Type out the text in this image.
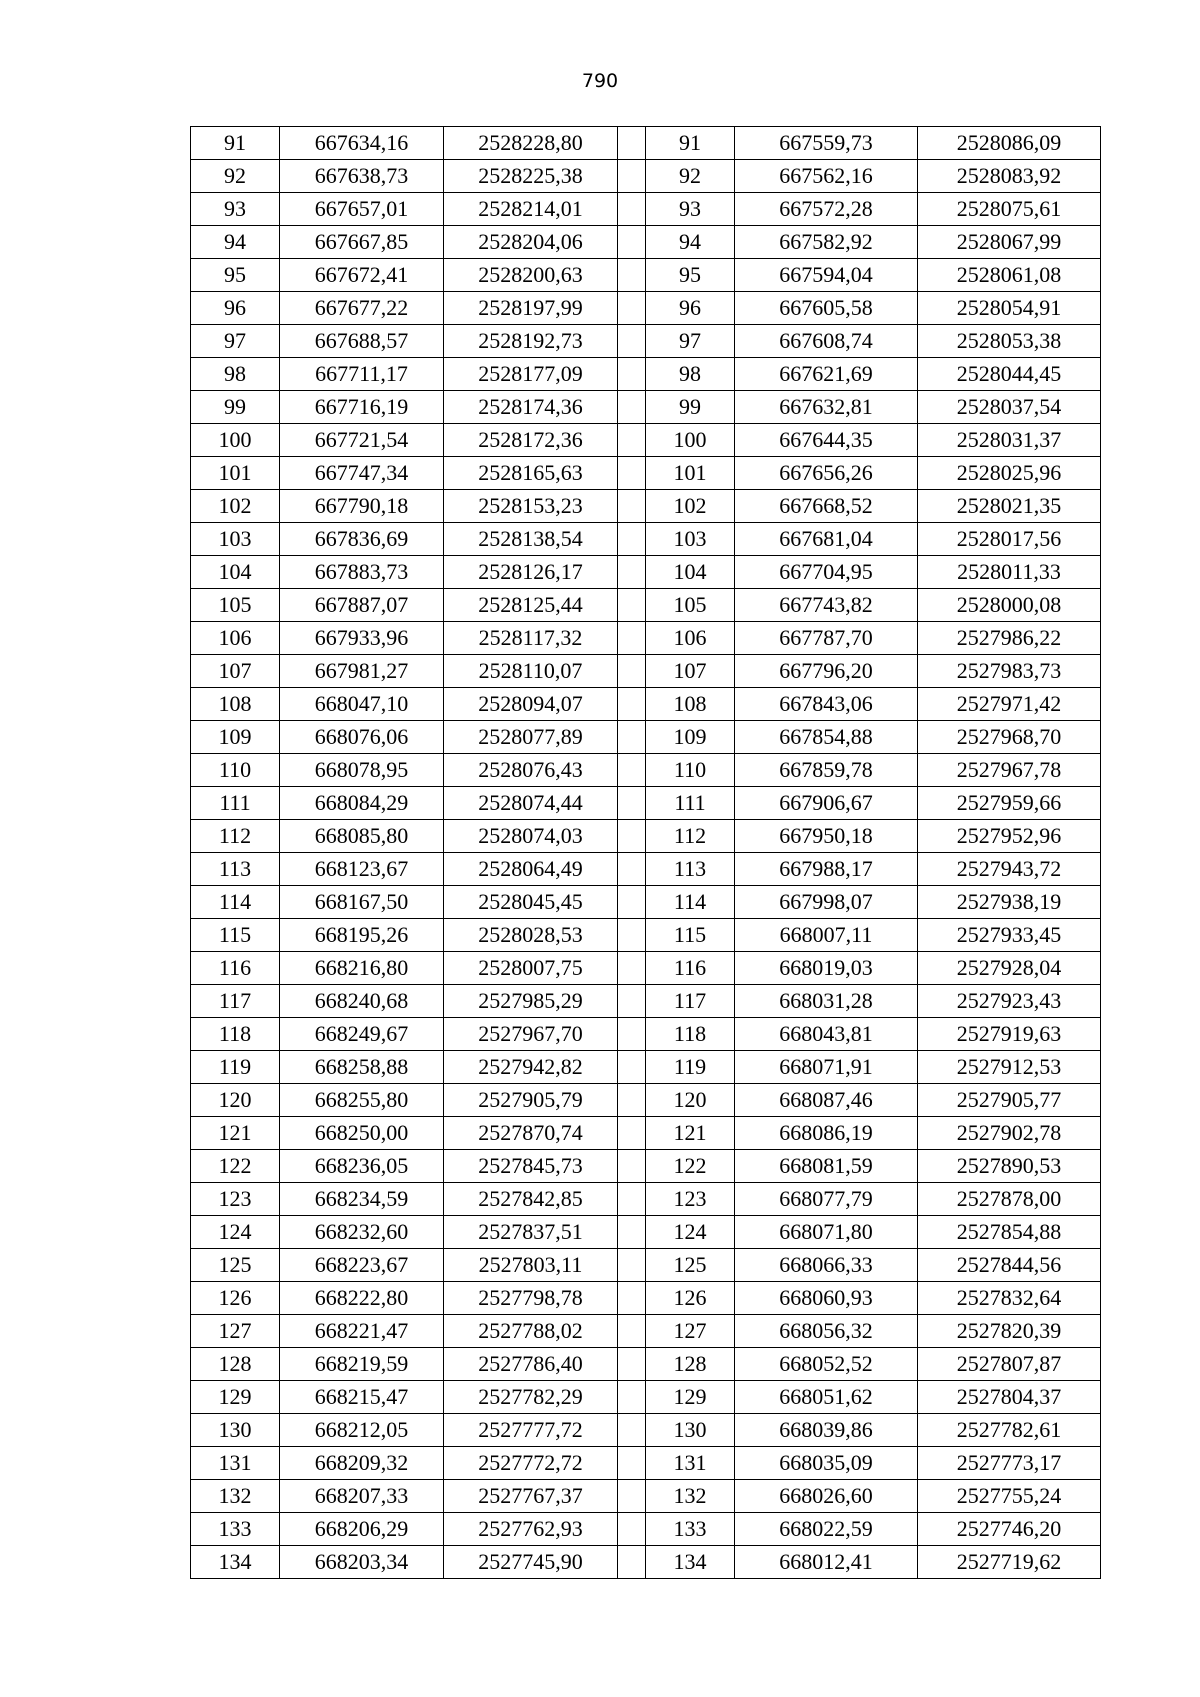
790
91	667634,16	2528228,80		91	667559,73	2528086,09
92	667638,73	2528225,38		92	667562,16	2528083,92
93	667657,01	2528214,01		93	667572,28	2528075,61
94	667667,85	2528204,06		94	667582,92	2528067,99
95	667672,41	2528200,63		95	667594,04	2528061,08
96	667677,22	2528197,99		96	667605,58	2528054,91
97	667688,57	2528192,73		97	667608,74	2528053,38
98	667711,17	2528177,09		98	667621,69	2528044,45
99	667716,19	2528174,36		99	667632,81	2528037,54
100	667721,54	2528172,36		100	667644,35	2528031,37
101	667747,34	2528165,63		101	667656,26	2528025,96
102	667790,18	2528153,23		102	667668,52	2528021,35
103	667836,69	2528138,54		103	667681,04	2528017,56
104	667883,73	2528126,17		104	667704,95	2528011,33
105	667887,07	2528125,44		105	667743,82	2528000,08
106	667933,96	2528117,32		106	667787,70	2527986,22
107	667981,27	2528110,07		107	667796,20	2527983,73
108	668047,10	2528094,07		108	667843,06	2527971,42
109	668076,06	2528077,89		109	667854,88	2527968,70
110	668078,95	2528076,43		110	667859,78	2527967,78
111	668084,29	2528074,44		111	667906,67	2527959,66
112	668085,80	2528074,03		112	667950,18	2527952,96
113	668123,67	2528064,49		113	667988,17	2527943,72
114	668167,50	2528045,45		114	667998,07	2527938,19
115	668195,26	2528028,53		115	668007,11	2527933,45
116	668216,80	2528007,75		116	668019,03	2527928,04
117	668240,68	2527985,29		117	668031,28	2527923,43
118	668249,67	2527967,70		118	668043,81	2527919,63
119	668258,88	2527942,82		119	668071,91	2527912,53
120	668255,80	2527905,79		120	668087,46	2527905,77
121	668250,00	2527870,74		121	668086,19	2527902,78
122	668236,05	2527845,73		122	668081,59	2527890,53
123	668234,59	2527842,85		123	668077,79	2527878,00
124	668232,60	2527837,51		124	668071,80	2527854,88
125	668223,67	2527803,11		125	668066,33	2527844,56
126	668222,80	2527798,78		126	668060,93	2527832,64
127	668221,47	2527788,02		127	668056,32	2527820,39
128	668219,59	2527786,40		128	668052,52	2527807,87
129	668215,47	2527782,29		129	668051,62	2527804,37
130	668212,05	2527777,72		130	668039,86	2527782,61
131	668209,32	2527772,72		131	668035,09	2527773,17
132	668207,33	2527767,37		132	668026,60	2527755,24
133	668206,29	2527762,93		133	668022,59	2527746,20
134	668203,34	2527745,90		134	668012,41	2527719,62
